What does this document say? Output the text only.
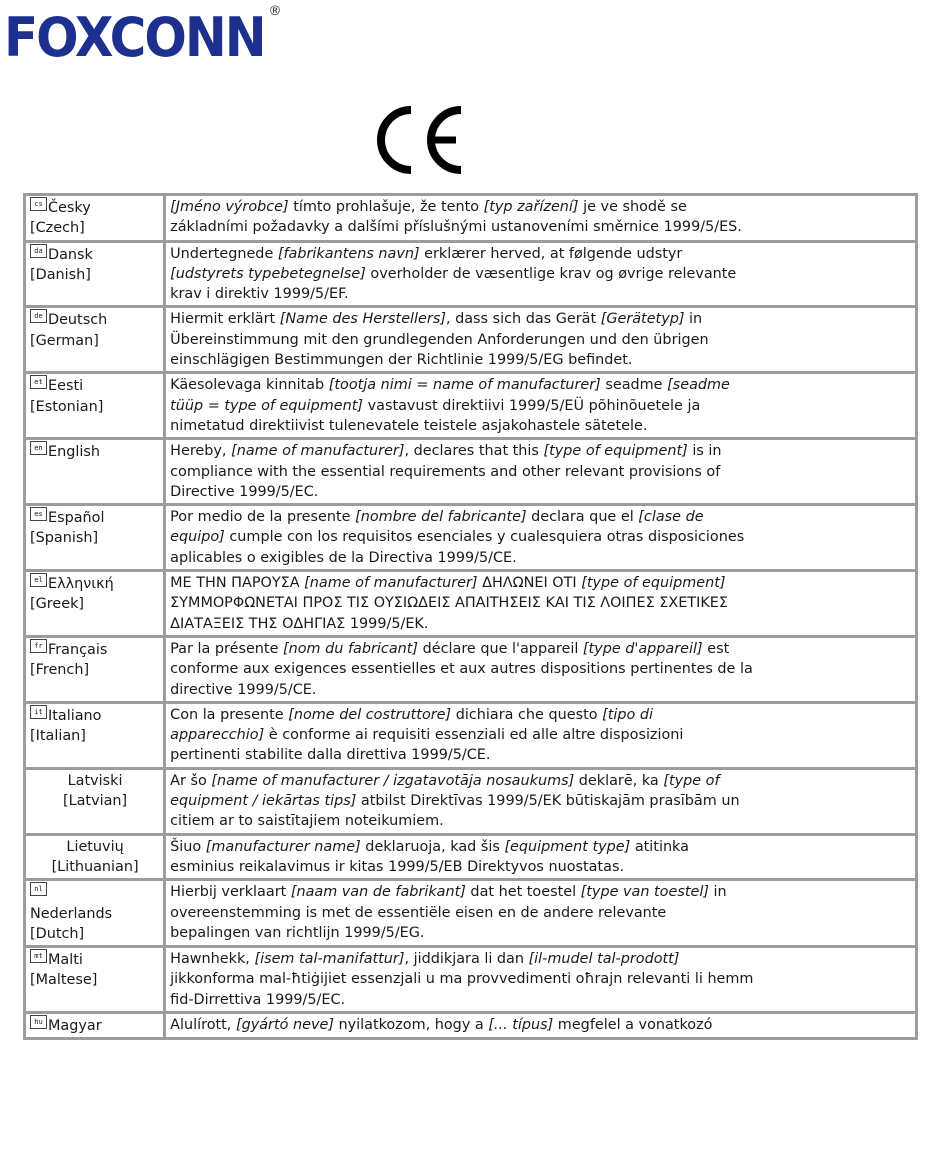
FOXCONN ®
cs Česky
[Czech]	[Jméno výrobce] tímto prohlašuje, že tento [typ zařízení] je ve shodě se
základními požadavky a dalšími příslušnými ustanoveními směrnice 1999/5/ES.

da Dansk
[Danish]	Undertegnede [fabrikantens navn] erklærer herved, at følgende udstyr
[udstyrets typebetegnelse] overholder de væsentlige krav og øvrige relevante
krav i direktiv 1999/5/EF.

de Deutsch
[German]	Hiermit erklärt [Name des Herstellers], dass sich das Gerät [Gerätetyp] in
Übereinstimmung mit den grundlegenden Anforderungen und den übrigen
einschlägigen Bestimmungen der Richtlinie 1999/5/EG befindet.

et Eesti
[Estonian]	Käesolevaga kinnitab [tootja nimi = name of manufacturer] seadme [seadme
tüüp = type of equipment] vastavust direktiivi 1999/5/EÜ põhinõuetele ja
nimetatud direktiivist tulenevatele teistele asjakohastele sätetele.

en English	Hereby, [name of manufacturer], declares that this [type of equipment] is in
compliance with the essential requirements and other relevant provisions of
Directive 1999/5/EC.

es Español
[Spanish]	Por medio de la presente [nombre del fabricante] declara que el [clase de
equipo] cumple con los requisitos esenciales y cualesquiera otras disposiciones
aplicables o exigibles de la Directiva 1999/5/CE.

el Ελληνική
[Greek]	ΜΕ ΤΗΝ ΠΑΡΟΥΣΑ [name of manufacturer] ΔΗΛΩΝΕΙ ΟΤΙ [type of equipment]
ΣΥΜΜΟΡΦΩΝΕΤΑΙ ΠΡΟΣ ΤΙΣ ΟΥΣΙΩΔΕΙΣ ΑΠΑΙΤΗΣΕΙΣ ΚΑΙ ΤΙΣ ΛΟΙΠΕΣ ΣΧΕΤΙΚΕΣ
ΔΙΑΤΑΞΕΙΣ ΤΗΣ ΟΔΗΓΙΑΣ 1999/5/ΕΚ.

fr Français
[French]	Par la présente [nom du fabricant] déclare que l'appareil [type d'appareil] est
conforme aux exigences essentielles et aux autres dispositions pertinentes de la
directive 1999/5/CE.

it Italiano
[Italian]	Con la presente [nome del costruttore] dichiara che questo [tipo di
apparecchio] è conforme ai requisiti essenziali ed alle altre disposizioni
pertinenti stabilite dalla direttiva 1999/5/CE.

Latviski
[Latvian]	Ar šo [name of manufacturer / izgatavotāja nosaukums] deklarē, ka [type of
equipment / iekārtas tips] atbilst Direktīvas 1999/5/EK būtiskajām prasībām un
citiem ar to saistītajiem noteikumiem.

Lietuvių
[Lithuanian]	Šiuo [manufacturer name] deklaruoja, kad šis [equipment type] atitinka
esminius reikalavimus ir kitas 1999/5/EB Direktyvos nuostatas.

nl
Nederlands
[Dutch]	Hierbij verklaart [naam van de fabrikant] dat het toestel [type van toestel] in
overeenstemming is met de essentiële eisen en de andere relevante
bepalingen van richtlijn 1999/5/EG.

mt Malti
[Maltese]	Hawnhekk, [isem tal-manifattur], jiddikjara li dan [il-mudel tal-prodott]
jikkonforma mal-ħtiġijiet essenzjali u ma provvedimenti oħrajn relevanti li hemm
fid-Dirrettiva 1999/5/EC.

hu Magyar	Alulírott, [gyártó neve] nyilatkozom, hogy a [... típus] megfelel a vonatkozó
